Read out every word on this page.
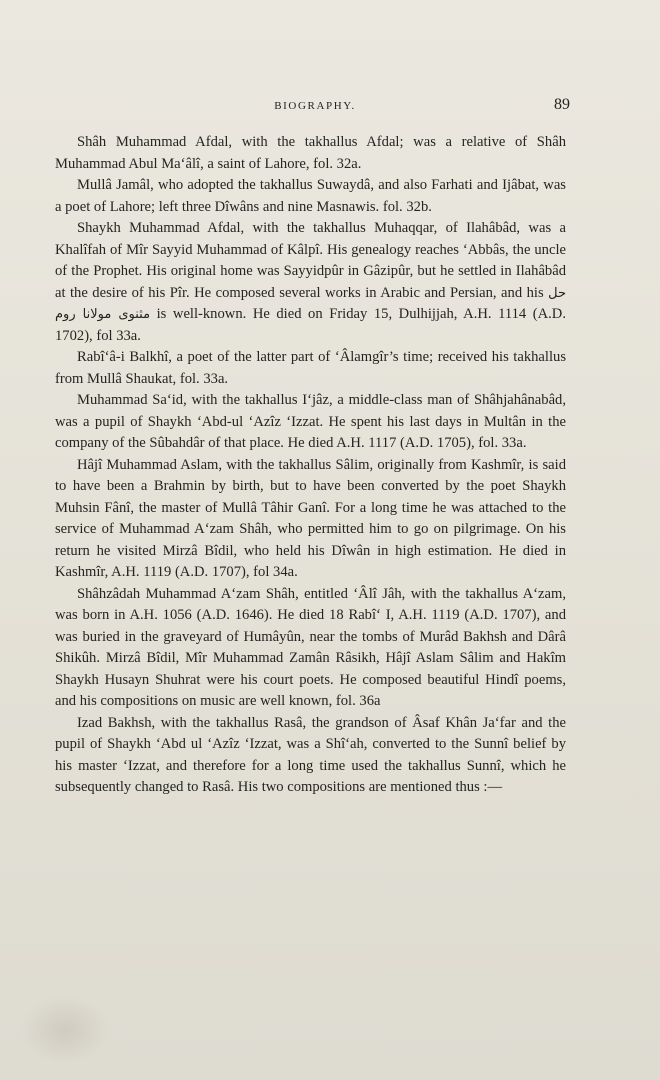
BIOGRAPHY.	89

Shâh Muhammad Afdal, with the takhallus Afdal; was a relative of Shâh Muhammad Abul Ma‘âlî, a saint of Lahore, fol. 32a.

Mullâ Jamâl, who adopted the takhallus Suwaydâ, and also Farhati and Ijâbat, was a poet of Lahore; left three Dîwâns and nine Masnawis. fol. 32b.

Shaykh Muhammad Afdal, with the takhallus Muhaqqar, of Ilahâbâd, was a Khalîfah of Mîr Sayyid Muhammad of Kâlpî. His genealogy reaches ‘Abbâs, the uncle of the Prophet. His original home was Sayyidpûr in Gâzipûr, but he settled in Ilahâbâd at the desire of his Pîr. He composed several works in Arabic and Persian, and his حل مثنوی مولانا روم is well-known. He died on Friday 15, Dulhijjah, A.H. 1114 (A.D. 1702), fol 33a.

Rabî‘â-i Balkhî, a poet of the latter part of ‘Âlamgîr’s time; received his takhallus from Mullâ Shaukat, fol. 33a.

Muhammad Sa‘id, with the takhallus I‘jâz, a middle-class man of Shâhjahânabâd, was a pupil of Shaykh ‘Abd-ul ‘Azîz ‘Izzat. He spent his last days in Multân in the company of the Sûbahdâr of that place. He died A.H. 1117 (A.D. 1705), fol. 33a.

Hâjî Muhammad Aslam, with the takhallus Sâlim, originally from Kashmîr, is said to have been a Brahmin by birth, but to have been converted by the poet Shaykh Muhsin Fânî, the master of Mullâ Tâhir Ganî. For a long time he was attached to the service of Muhammad A‘zam Shâh, who permitted him to go on pilgrimage. On his return he visited Mirzâ Bîdil, who held his Dîwân in high estimation. He died in Kashmîr, A.H. 1119 (A.D. 1707), fol 34a.

Shâhzâdah Muhammad A‘zam Shâh, entitled ‘Âlî Jâh, with the takhallus A‘zam, was born in A.H. 1056 (A.D. 1646). He died 18 Rabî‘ I, A.H. 1119 (A.D. 1707), and was buried in the graveyard of Humâyûn, near the tombs of Murâd Bakhsh and Dârâ Shikûh. Mirzâ Bîdil, Mîr Muhammad Zamân Râsikh, Hâjî Aslam Sâlim and Hakîm Shaykh Husayn Shuhrat were his court poets. He composed beautiful Hindî poems, and his compositions on music are well known, fol. 36a

Izad Bakhsh, with the takhallus Rasâ, the grandson of Âsaf Khân Ja‘far and the pupil of Shaykh ‘Abd ul ‘Azîz ‘Izzat, was a Shî‘ah, converted to the Sunnî belief by his master ‘Izzat, and therefore for a long time used the takhallus Sunnî, which he subsequently changed to Rasâ. His two compositions are mentioned thus :—
